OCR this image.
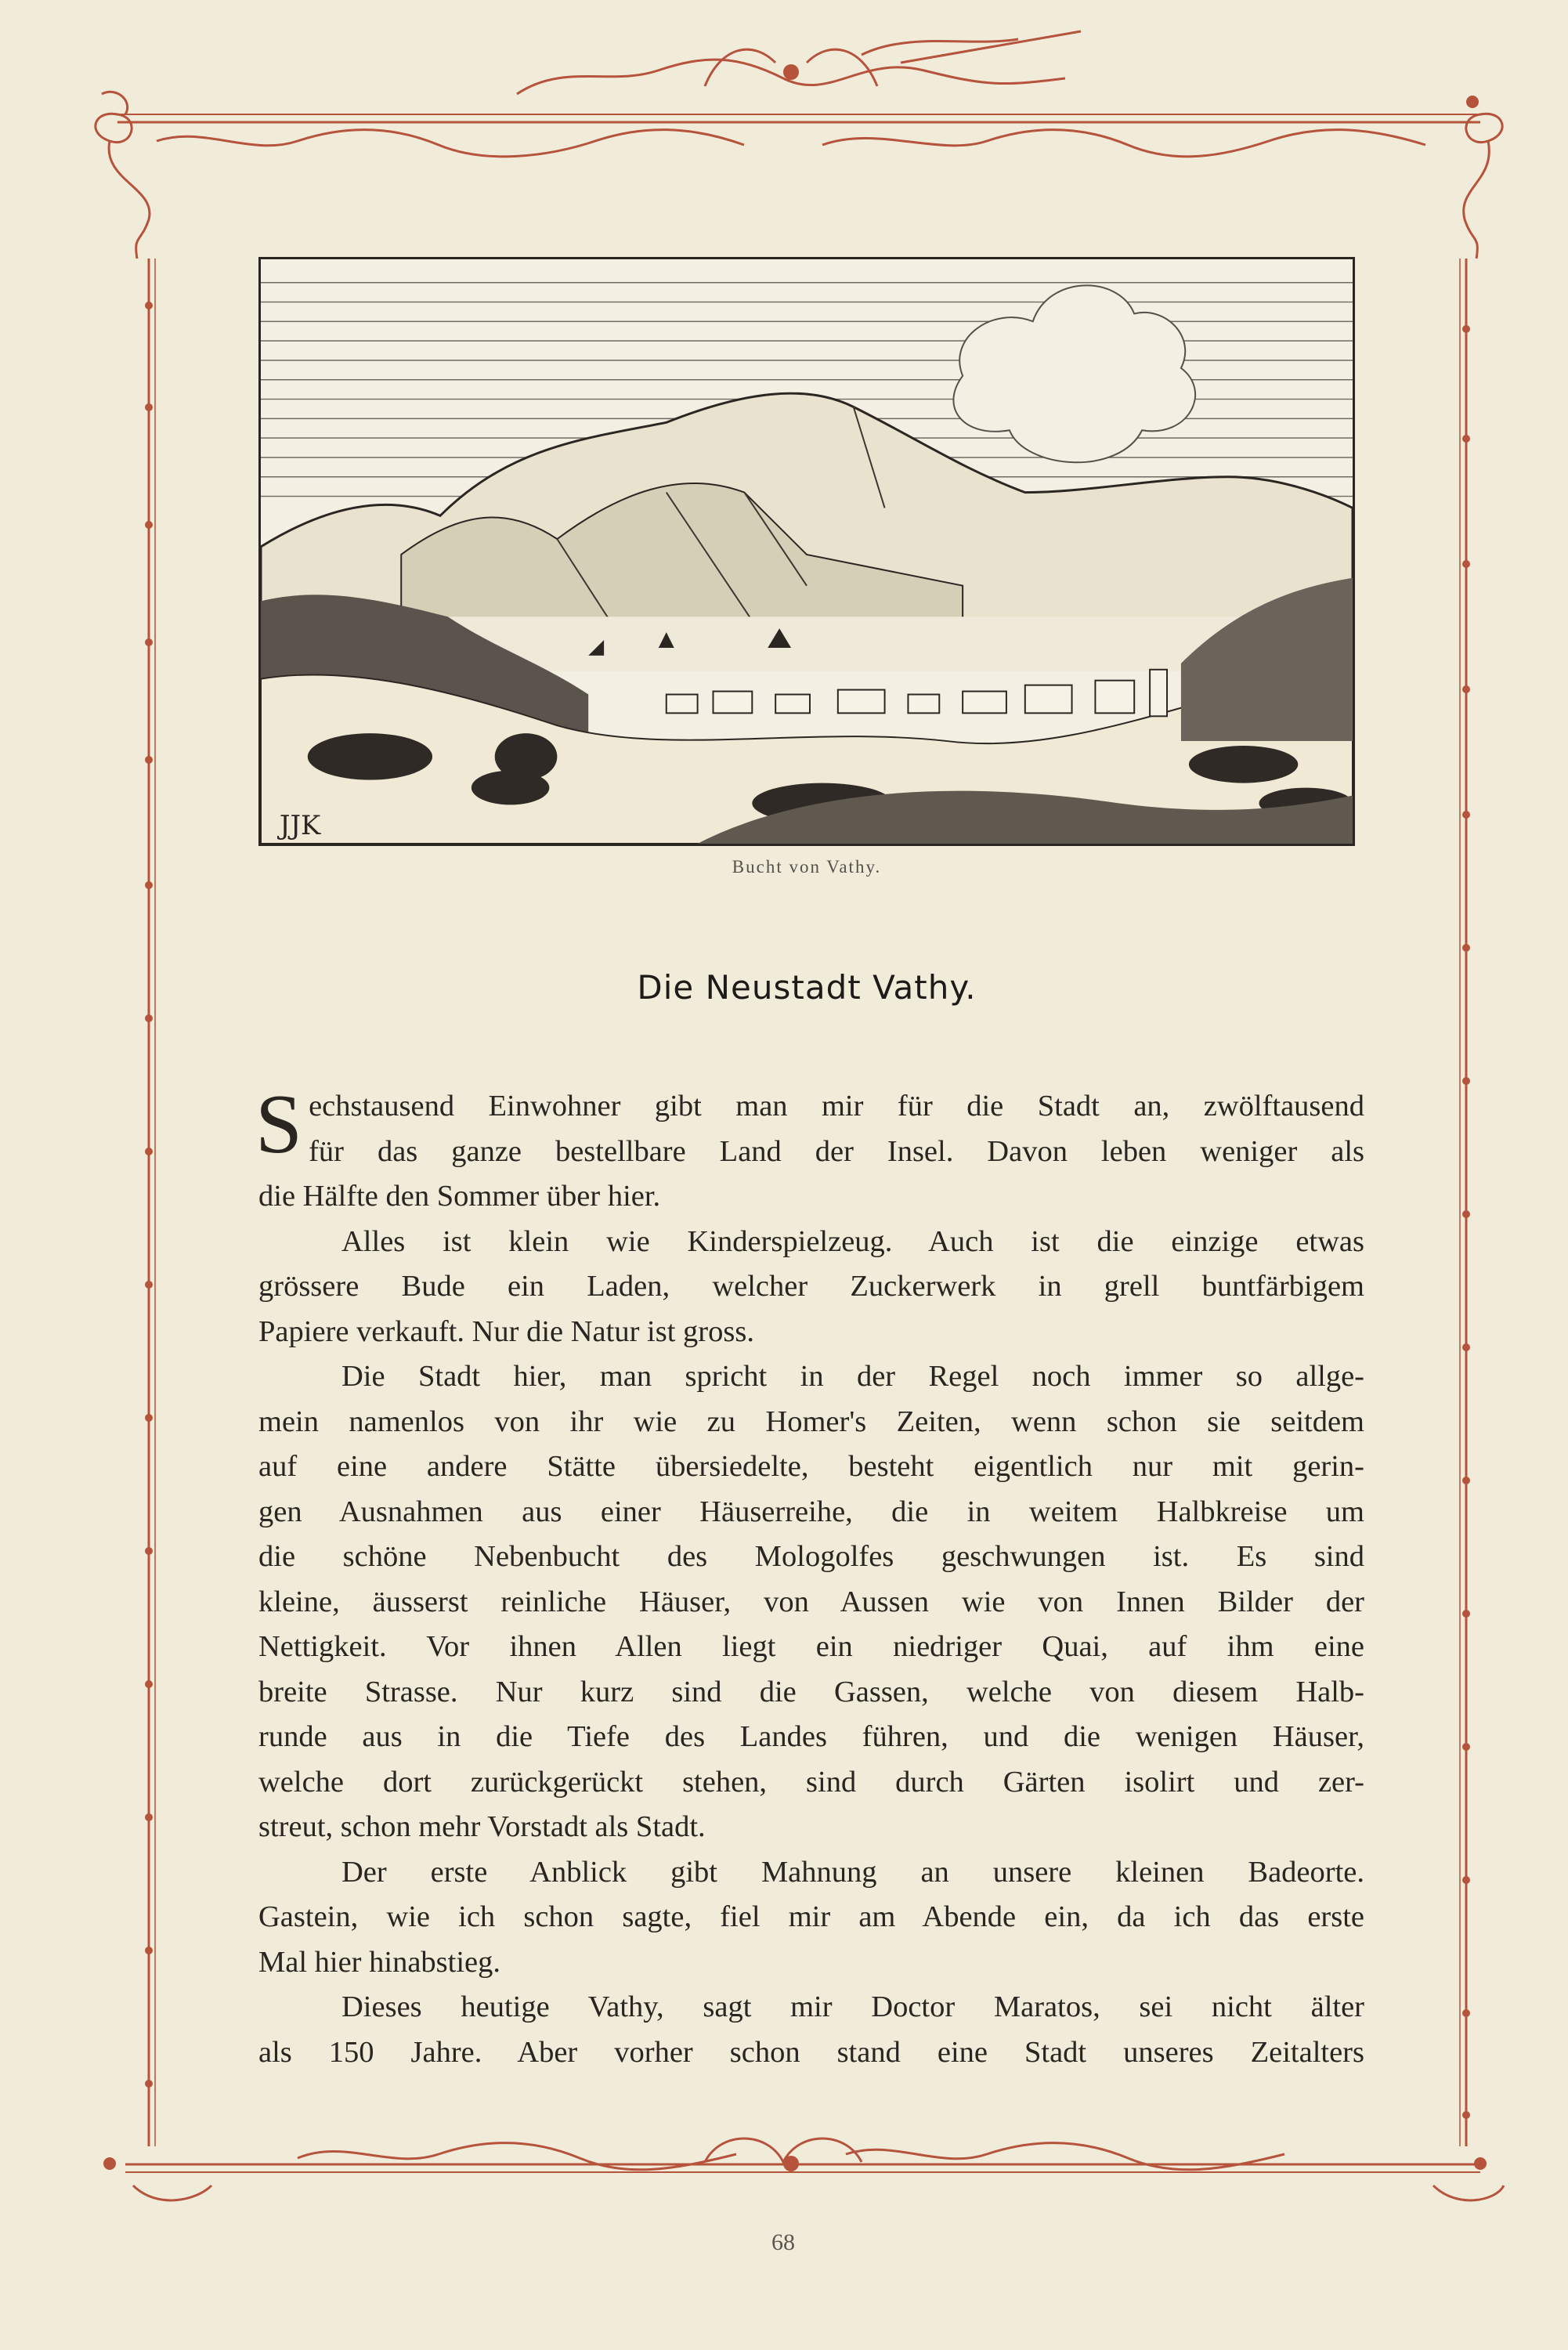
JJK
Bucht von Vathy.
Die Neustadt Vathy.

S echstausend Einwohner gibt man mir für die Stadt an, zwölftausend
für das ganze bestellbare Land der Insel. Davon leben weniger als
die Hälfte den Sommer über hier.

Alles ist klein wie Kinderspielzeug. Auch ist die einzige etwas
grössere Bude ein Laden, welcher Zuckerwerk in grell buntfärbigem
Papiere verkauft. Nur die Natur ist gross.

Die Stadt hier, man spricht in der Regel noch immer so allge-
mein namenlos von ihr wie zu Homer's Zeiten, wenn schon sie seitdem
auf eine andere Stätte übersiedelte, besteht eigentlich nur mit gerin-
gen Ausnahmen aus einer Häuserreihe, die in weitem Halbkreise um
die schöne Nebenbucht des Mologolfes geschwungen ist. Es sind
kleine, äusserst reinliche Häuser, von Aussen wie von Innen Bilder der
Nettigkeit. Vor ihnen Allen liegt ein niedriger Quai, auf ihm eine
breite Strasse. Nur kurz sind die Gassen, welche von diesem Halb-
runde aus in die Tiefe des Landes führen, und die wenigen Häuser,
welche dort zurückgerückt stehen, sind durch Gärten isolirt und zer-
streut, schon mehr Vorstadt als Stadt.

Der erste Anblick gibt Mahnung an unsere kleinen Badeorte.
Gastein, wie ich schon sagte, fiel mir am Abende ein, da ich das erste
Mal hier hinabstieg.

Dieses heutige Vathy, sagt mir Doctor Maratos, sei nicht älter
als 150 Jahre. Aber vorher schon stand eine Stadt unseres Zeitalters

68
